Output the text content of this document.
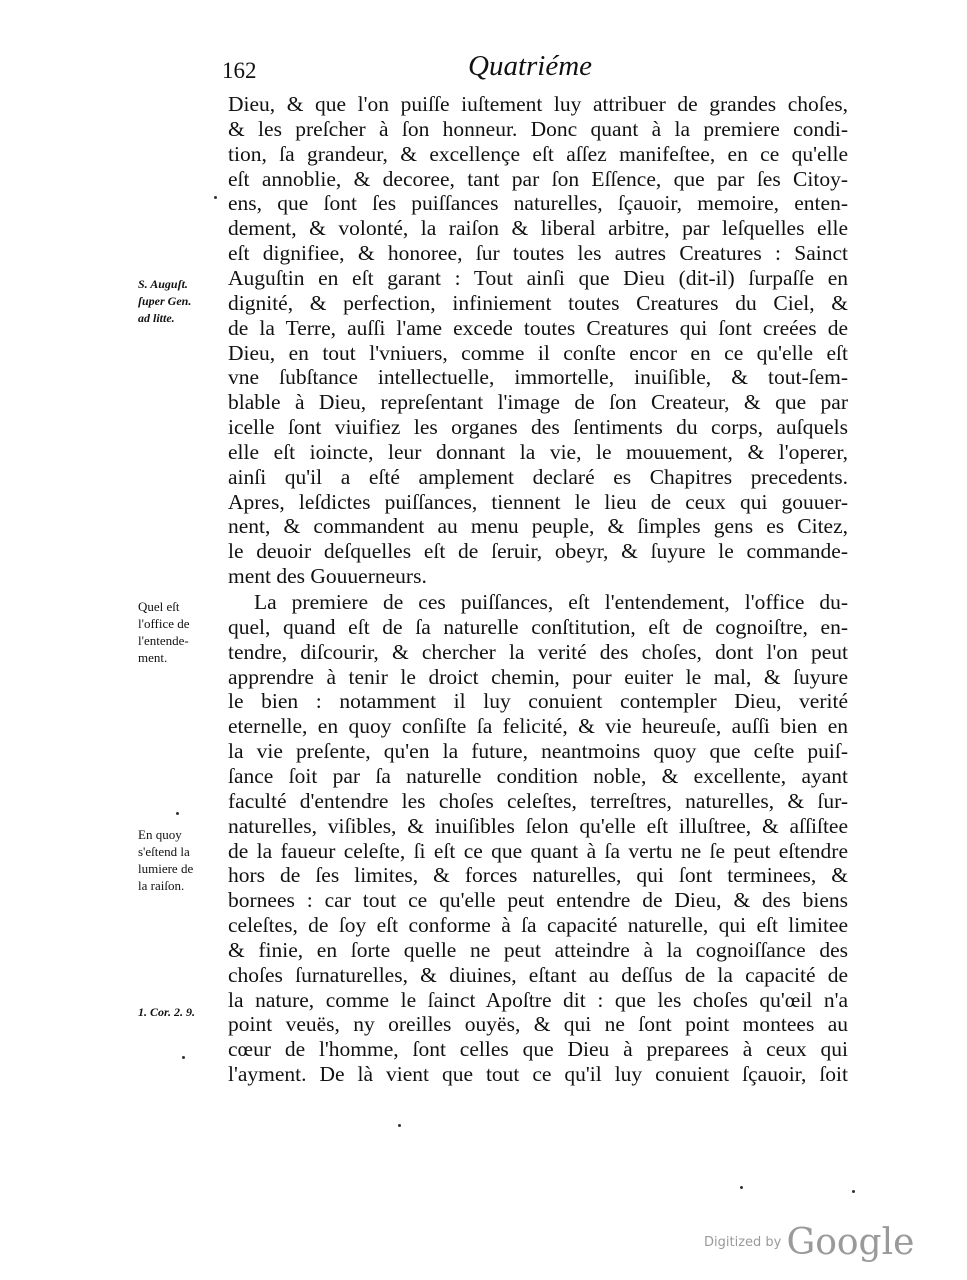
162	Quatriéme
Dieu, & que l'on puiſſe iuſtement luy attribuer de grandes choſes,
& les preſcher à ſon honneur. Donc quant à la premiere condi-
tion, ſa grandeur, & excellençe eſt aſſez manifeſtee, en ce qu'elle
eſt annoblie, & decoree, tant par ſon Eſſence, que par ſes Citoy-
ens, que ſont ſes puiſſances naturelles, ſçauoir, memoire, enten-
dement, & volonté, la raiſon & liberal arbitre, par leſquelles elle
eſt dignifiee, & honoree, ſur toutes les autres Creatures : Sainct
Auguſtin en eſt garant : Tout ainſi que Dieu (dit-il) ſurpaſſe en
dignité, & perfection, infiniement toutes Creatures du Ciel, &
de la Terre, auſſi l'ame excede toutes Creatures qui ſont creées de
Dieu, en tout l'vniuers, comme il conſte encor en ce qu'elle eſt
vne ſubſtance intellectuelle, immortelle, inuiſible, & tout-ſem-
blable à Dieu, repreſentant l'image de ſon Createur, & que par
icelle ſont viuifiez les organes des ſentiments du corps, auſquels
elle eſt ioincte, leur donnant la vie, le mouuement, & l'operer,
ainſi qu'il a eſté amplement declaré es Chapitres precedents.
Apres, leſdictes puiſſances, tiennent le lieu de ceux qui gouuer-
nent, & commandent au menu peuple, & ſimples gens es Citez,
le deuoir deſquelles eſt de ſeruir, obeyr, & ſuyure le commande-
ment des Gouuerneurs.
La premiere de ces puiſſances, eſt l'entendement, l'office du-
quel, quand eſt de ſa naturelle conſtitution, eſt de cognoiſtre, en-
tendre, diſcourir, & chercher la verité des choſes, dont l'on peut
apprendre à tenir le droict chemin, pour euiter le mal, & ſuyure
le bien : notamment il luy conuient contempler Dieu, verité
eternelle, en quoy conſiſte ſa felicité, & vie heureuſe, auſſi bien en
la vie preſente, qu'en la future, neantmoins quoy que ceſte puiſ-
ſance ſoit par ſa naturelle condition noble, & excellente, ayant
faculté d'entendre les choſes celeſtes, terreſtres, naturelles, & ſur-
naturelles, viſibles, & inuiſibles ſelon qu'elle eſt illuſtree, & aſſiſtee
de la faueur celeſte, ſi eſt ce que quant à ſa vertu ne ſe peut eſtendre
hors de ſes limites, & forces naturelles, qui ſont terminees, &
bornees : car tout ce qu'elle peut entendre de Dieu, & des biens
celeſtes, de ſoy eſt conforme à ſa capacité naturelle, qui eſt limitee
& finie, en ſorte quelle ne peut atteindre à la cognoiſſance des
choſes ſurnaturelles, & diuines, eſtant au deſſus de la capacité de
la nature, comme le ſainct Apoſtre dit : que les choſes qu'œil n'a
point veuës, ny oreilles ouyës, & qui ne ſont point montees au
cœur de l'homme, ſont celles que Dieu à preparees à ceux qui
l'ayment. De là vient que tout ce qu'il luy conuient ſçauoir, ſoit
S. Auguſt.
ſuper Gen.
ad litte.
Quel eſt
l'office de
l'entende-
ment.
En quoy
s'eſtend la
lumiere de
la raiſon.
1. Cor. 2. 9.
Digitized by Google
